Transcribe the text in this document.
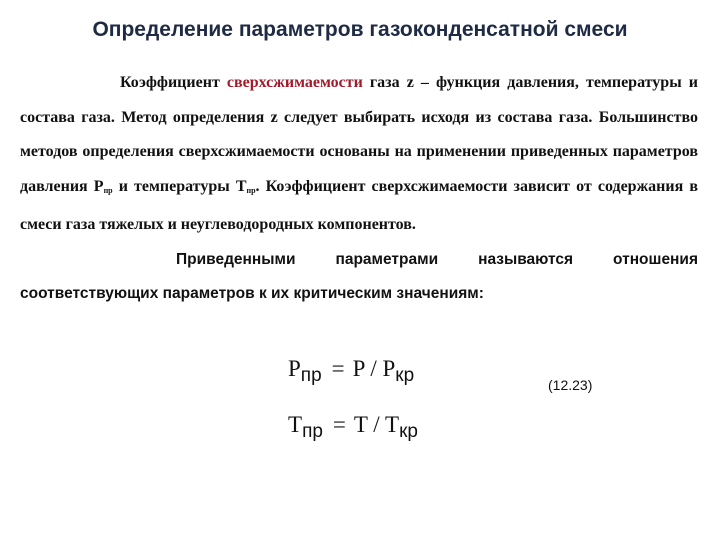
Определение параметров газоконденсатной смеси

Коэффициент сверхсжимаемости газа z – функция давления, температуры и состава газа. Метод определения z следует выбирать исходя из состава газа. Большинство методов определения сверхсжимаемости основаны на применении приведенных параметров давления $P_{пр}$ и температуры $T_{пр}$. Коэффициент сверхсжимаемости зависит от содержания в смеси газа тяжелых и неуглеводородных компонентов.

Приведенными параметрами называются отношения соответствующих параметров к их критическим значениям:

$P_{пр} = P / P_{кр}$
$T_{пр} = T / T_{кр}$
(12.23)
